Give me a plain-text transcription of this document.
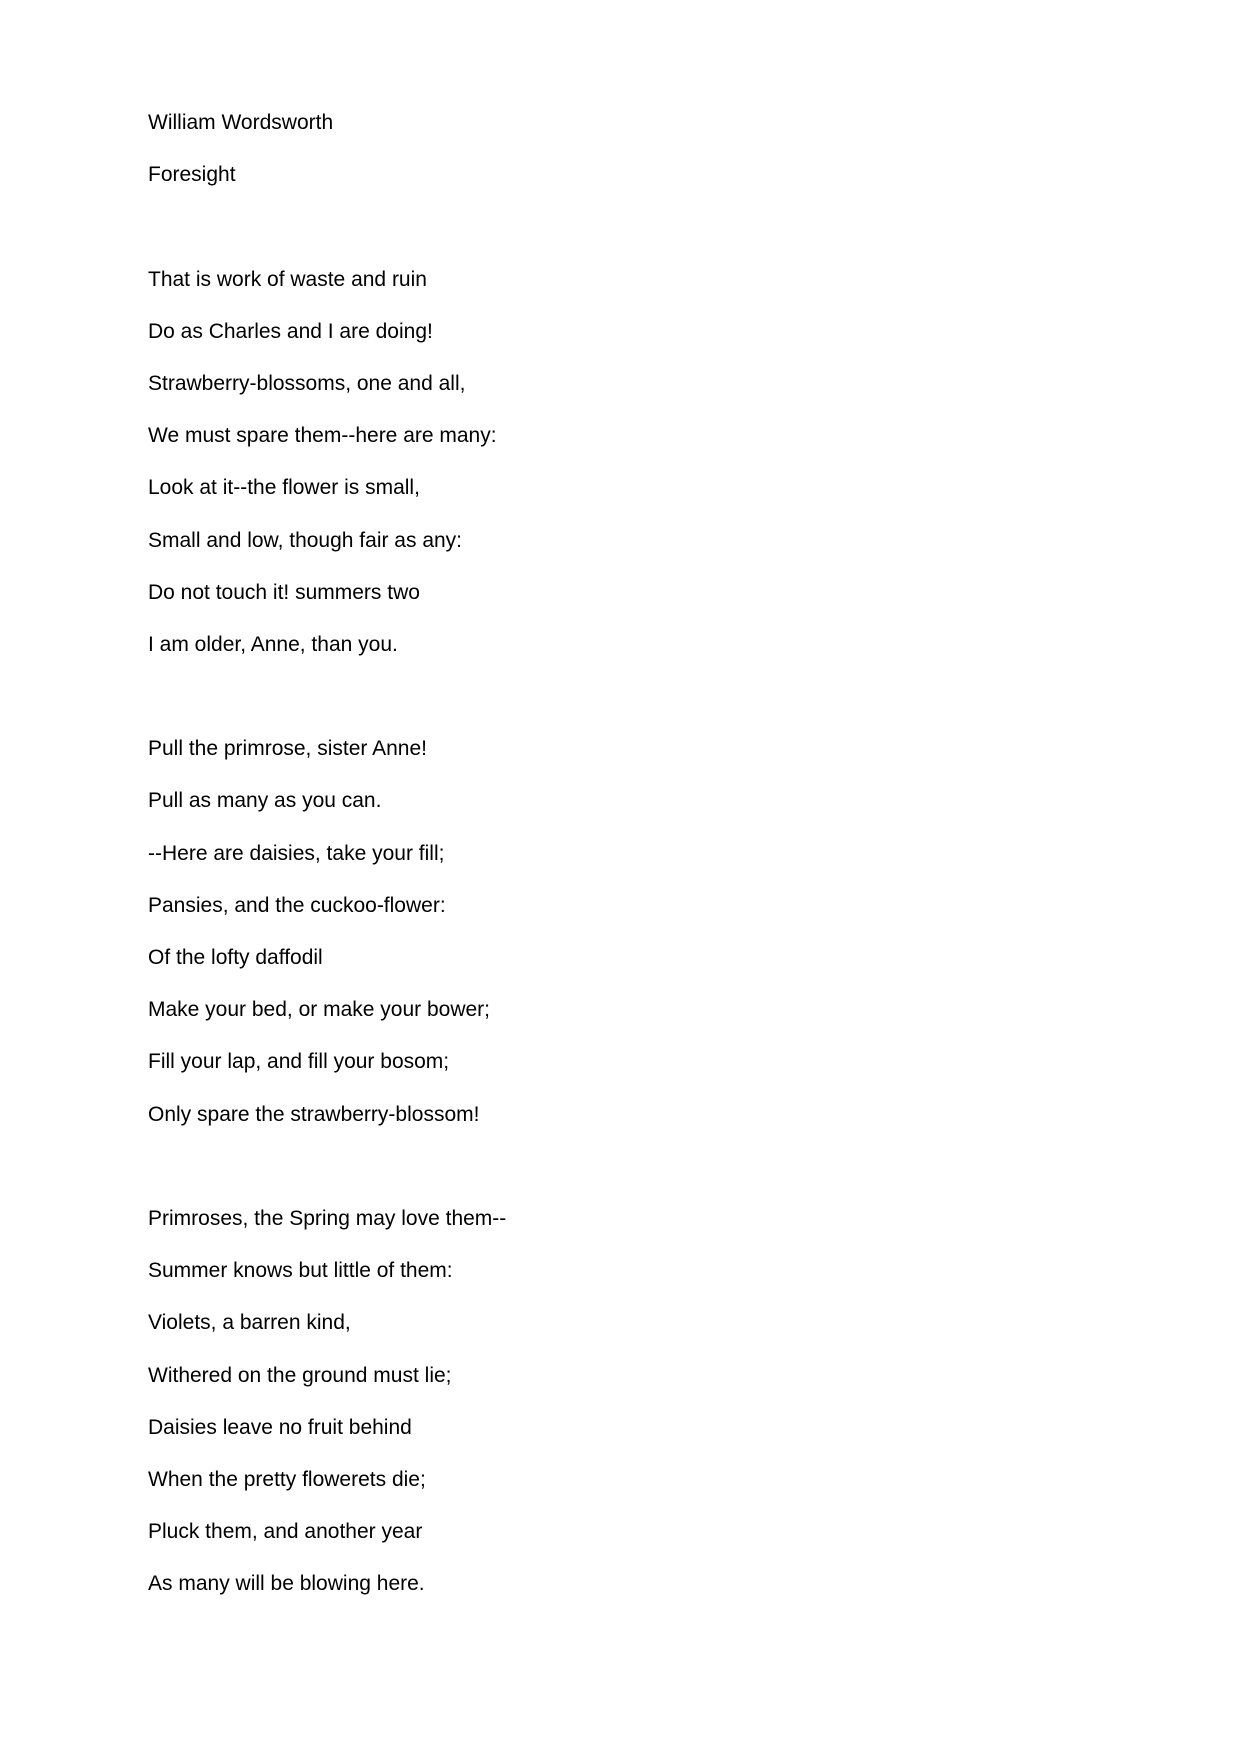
William Wordsworth
Foresight
That is work of waste and ruin
Do as Charles and I are doing!
Strawberry-blossoms, one and all,
We must spare them--here are many:
Look at it--the flower is small,
Small and low, though fair as any:
Do not touch it! summers two
I am older, Anne, than you.
Pull the primrose, sister Anne!
Pull as many as you can.
--Here are daisies, take your fill;
Pansies, and the cuckoo-flower:
Of the lofty daffodil
Make your bed, or make your bower;
Fill your lap, and fill your bosom;
Only spare the strawberry-blossom!
Primroses, the Spring may love them--
Summer knows but little of them:
Violets, a barren kind,
Withered on the ground must lie;
Daisies leave no fruit behind
When the pretty flowerets die;
Pluck them, and another year
As many will be blowing here.
